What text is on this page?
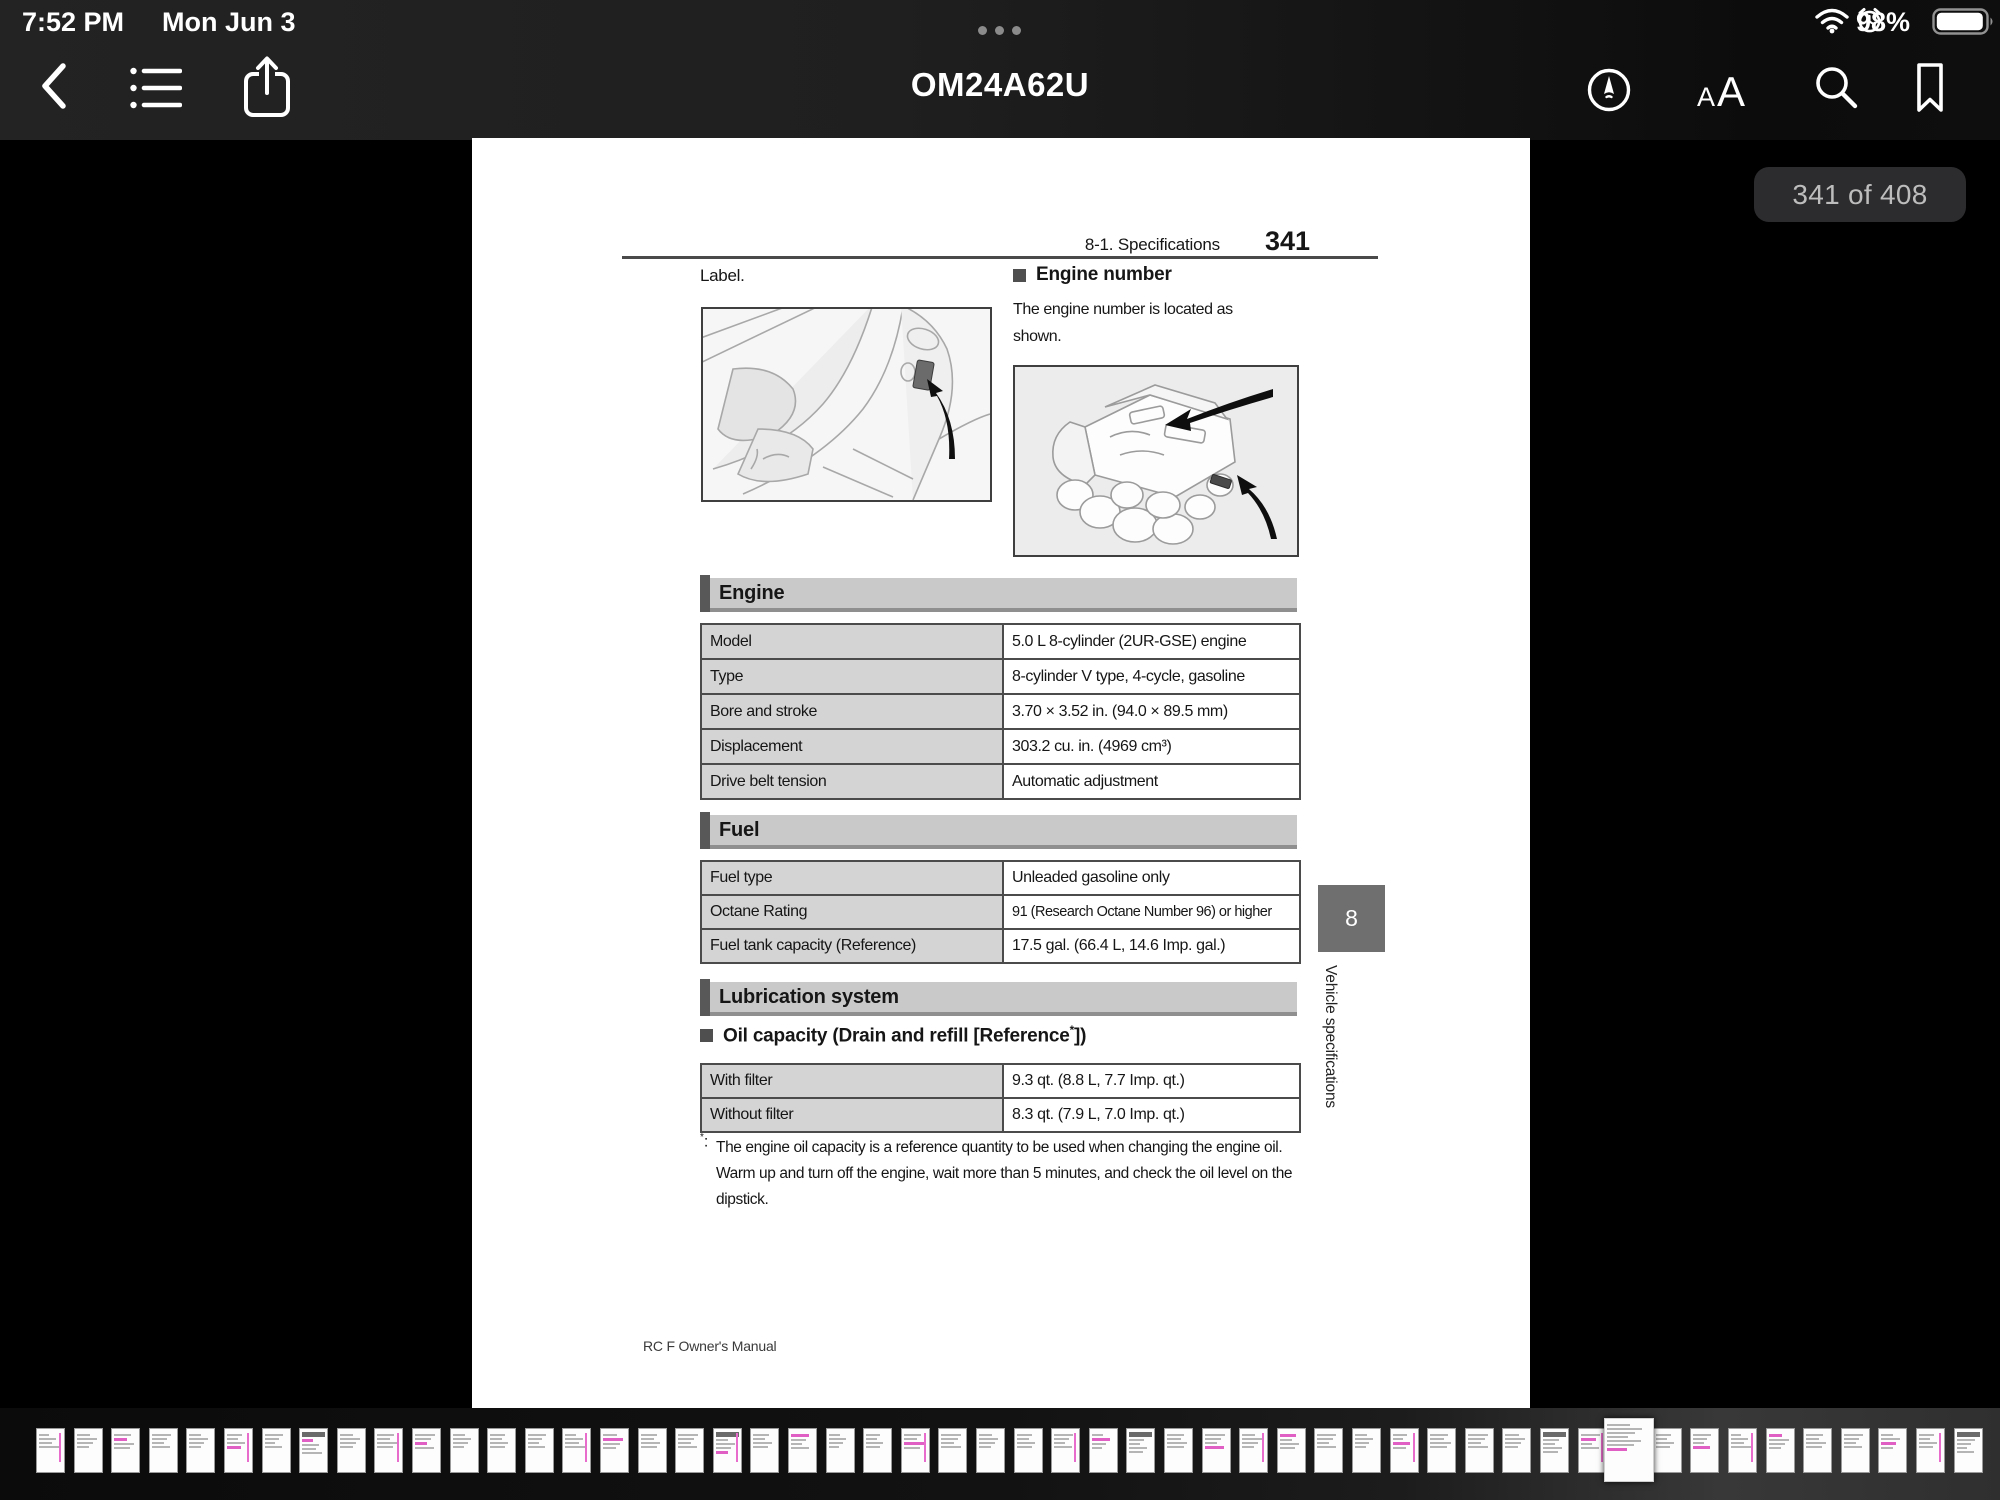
7:52 PM Mon Jun 3	98%
OM24A62U	A A
341 of 408
8-1. Specifications 341
Label.	Engine number
The engine number is located as
shown.
Engine
Model	5.0 L 8-cylinder (2UR-GSE) engine
Type	8-cylinder V type, 4-cycle, gasoline
Bore and stroke	3.70 × 3.52 in. (94.0 × 89.5 mm)
Displacement	303.2 cu. in. (4969 cm³)
Drive belt tension	Automatic adjustment
Fuel
Fuel type	Unleaded gasoline only
Octane Rating	91 (Research Octane Number 96) or higher
Fuel tank capacity (Reference)	17.5 gal. (66.4 L, 14.6 Imp. gal.)
Lubrication system
Oil capacity (Drain and refill [Reference*])
With filter	9.3 qt. (8.8 L, 7.7 Imp. qt.)
Without filter	8.3 qt. (7.9 L, 7.0 Imp. qt.)
*: The engine oil capacity is a reference quantity to be used when changing the engine oil.
Warm up and turn off the engine, wait more than 5 minutes, and check the oil level on the
dipstick.
RC F Owner's Manual
8
Vehicle specifications
